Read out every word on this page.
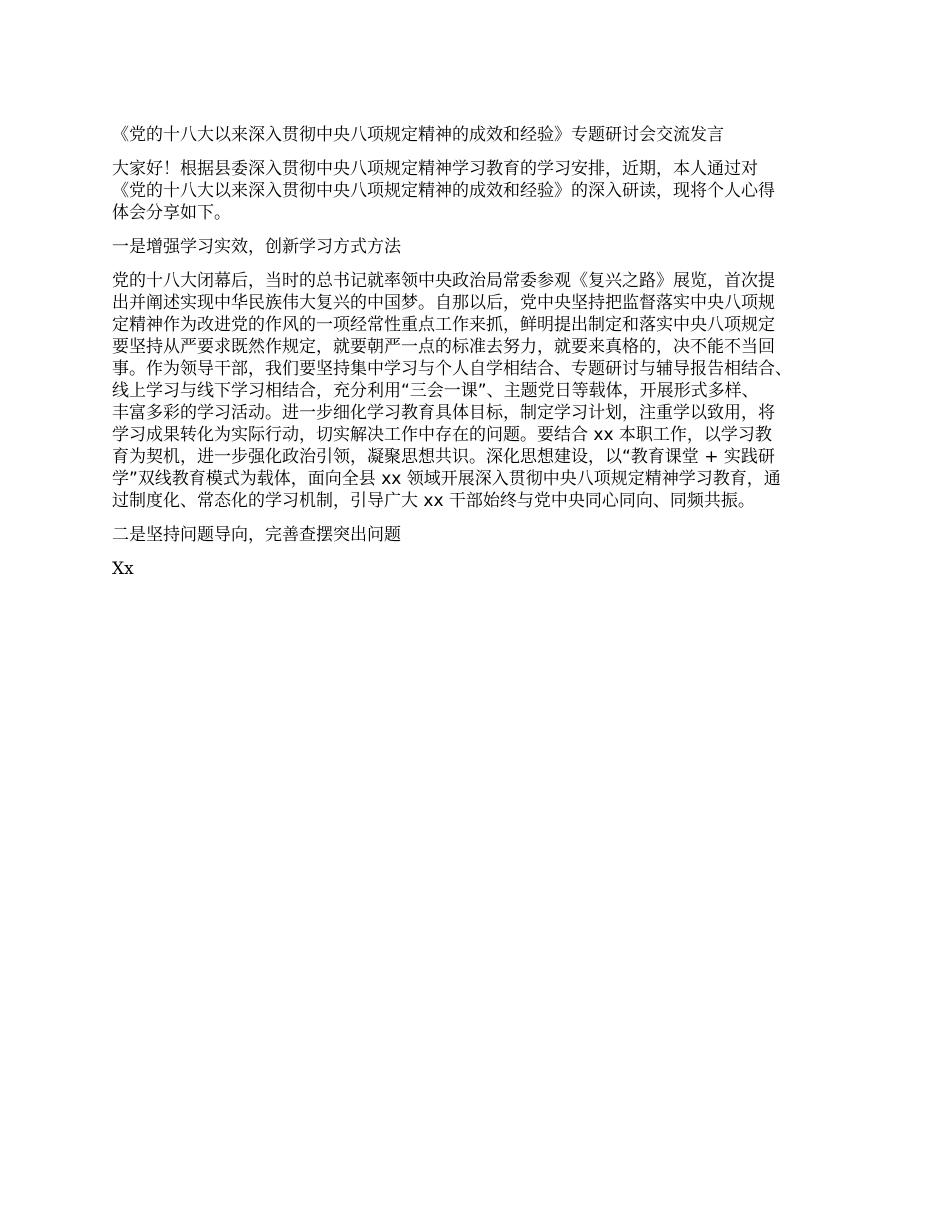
《党的十八大以来深入贯彻中央八项规定精神的成效和经验》专题研讨会交流发言

大家好！根据县委深入贯彻中央八项规定精神学习教育的学习安排，近期，本人通过对
《党的十八大以来深入贯彻中央八项规定精神的成效和经验》的深入研读，现将个人心得
体会分享如下。

一是增强学习实效，创新学习方式方法

党的十八大闭幕后，当时的总书记就率领中央政治局常委参观《复兴之路》展览，首次提
出并阐述实现中华民族伟大复兴的中国梦。自那以后，党中央坚持把监督落实中央八项规
定精神作为改进党的作风的一项经常性重点工作来抓，鲜明提出制定和落实中央八项规定
要坚持从严要求既然作规定，就要朝严一点的标准去努力，就要来真格的，决不能不当回
事。作为领导干部，我们要坚持集中学习与个人自学相结合、专题研讨与辅导报告相结合、
线上学习与线下学习相结合，充分利用“三会一课”、主题党日等载体，开展形式多样、
丰富多彩的学习活动。进一步细化学习教育具体目标，制定学习计划，注重学以致用，将
学习成果转化为实际行动，切实解决工作中存在的问题。要结合 xx 本职工作，以学习教
育为契机，进一步强化政治引领，凝聚思想共识。深化思想建设，以“教育课堂 + 实践研
学”双线教育模式为载体，面向全县 xx 领域开展深入贯彻中央八项规定精神学习教育，通
过制度化、常态化的学习机制，引导广大 xx 干部始终与党中央同心同向、同频共振。

二是坚持问题导向，完善查摆突出问题

Xx
